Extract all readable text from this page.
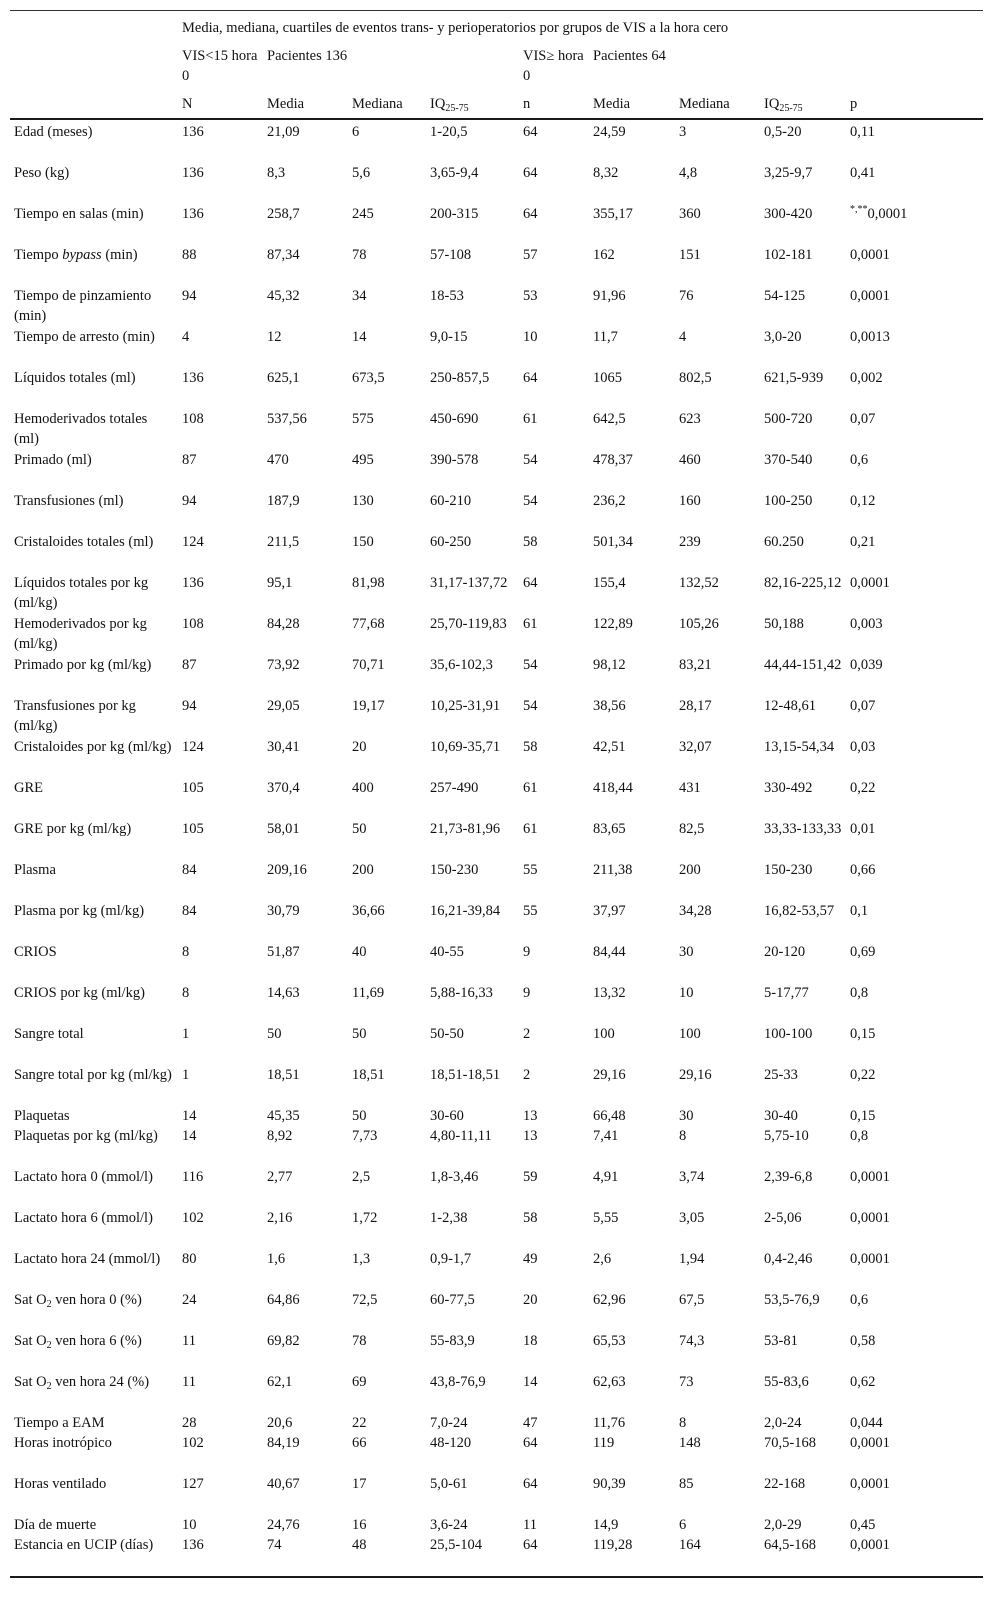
	Media, mediana, cuartiles de eventos trans- y perioperatorios por grupos de VIS a la hora cero								
	VIS<15 hora 0	Pacientes 136			VIS≥ hora 0	Pacientes 64			
	N	Media	Mediana	$IQ_{25-75}$	n	Media	Mediana	$IQ_{25-75}$	p
Edad (meses)	136	21,09	6	1-20,5	64	24,59	3	0,5-20	0,11
Peso (kg)	136	8,3	5,6	3,65-9,4	64	8,32	4,8	3,25-9,7	0,41
Tiempo en salas (min)	136	258,7	245	200-315	64	355,17	360	300-420	*,**0,0001
Tiempo bypass (min)	88	87,34	78	57-108	57	162	151	102-181	0,0001
Tiempo de pinzamiento (min)	94	45,32	34	18-53	53	91,96	76	54-125	0,0001
Tiempo de arresto (min)	4	12	14	9,0-15	10	11,7	4	3,0-20	0,0013
Líquidos totales (ml)	136	625,1	673,5	250-857,5	64	1065	802,5	621,5-939	0,002
Hemoderivados totales (ml)	108	537,56	575	450-690	61	642,5	623	500-720	0,07
Primado (ml)	87	470	495	390-578	54	478,37	460	370-540	0,6
Transfusiones (ml)	94	187,9	130	60-210	54	236,2	160	100-250	0,12
Cristaloides totales (ml)	124	211,5	150	60-250	58	501,34	239	60.250	0,21
Líquidos totales por kg (ml/kg)	136	95,1	81,98	31,17-137,72	64	155,4	132,52	82,16-225,12	0,0001
Hemoderivados por kg (ml/kg)	108	84,28	77,68	25,70-119,83	61	122,89	105,26	50,188	0,003
Primado por kg (ml/kg)	87	73,92	70,71	35,6-102,3	54	98,12	83,21	44,44-151,42	0,039
Transfusiones por kg (ml/kg)	94	29,05	19,17	10,25-31,91	54	38,56	28,17	12-48,61	0,07
Cristaloides por kg (ml/kg)	124	30,41	20	10,69-35,71	58	42,51	32,07	13,15-54,34	0,03
GRE	105	370,4	400	257-490	61	418,44	431	330-492	0,22
GRE por kg (ml/kg)	105	58,01	50	21,73-81,96	61	83,65	82,5	33,33-133,33	0,01
Plasma	84	209,16	200	150-230	55	211,38	200	150-230	0,66
Plasma por kg (ml/kg)	84	30,79	36,66	16,21-39,84	55	37,97	34,28	16,82-53,57	0,1
CRIOS	8	51,87	40	40-55	9	84,44	30	20-120	0,69
CRIOS por kg (ml/kg)	8	14,63	11,69	5,88-16,33	9	13,32	10	5-17,77	0,8
Sangre total	1	50	50	50-50	2	100	100	100-100	0,15
Sangre total por kg (ml/kg)	1	18,51	18,51	18,51-18,51	2	29,16	29,16	25-33	0,22
Plaquetas	14	45,35	50	30-60	13	66,48	30	30-40	0,15
Plaquetas por kg (ml/kg)	14	8,92	7,73	4,80-11,11	13	7,41	8	5,75-10	0,8
Lactato hora 0 (mmol/l)	116	2,77	2,5	1,8-3,46	59	4,91	3,74	2,39-6,8	0,0001
Lactato hora 6 (mmol/l)	102	2,16	1,72	1-2,38	58	5,55	3,05	2-5,06	0,0001
Lactato hora 24 (mmol/l)	80	1,6	1,3	0,9-1,7	49	2,6	1,94	0,4-2,46	0,0001
Sat $O_2$ ven hora 0 (%)	24	64,86	72,5	60-77,5	20	62,96	67,5	53,5-76,9	0,6
Sat $O_2$ ven hora 6 (%)	11	69,82	78	55-83,9	18	65,53	74,3	53-81	0,58
Sat $O_2$ ven hora 24 (%)	11	62,1	69	43,8-76,9	14	62,63	73	55-83,6	0,62
Tiempo a EAM	28	20,6	22	7,0-24	47	11,76	8	2,0-24	0,044
Horas inotrópico	102	84,19	66	48-120	64	119	148	70,5-168	0,0001
Horas ventilado	127	40,67	17	5,0-61	64	90,39	85	22-168	0,0001
Día de muerte	10	24,76	16	3,6-24	11	14,9	6	2,0-29	0,45
Estancia en UCIP (días)	136	74	48	25,5-104	64	119,28	164	64,5-168	0,0001
